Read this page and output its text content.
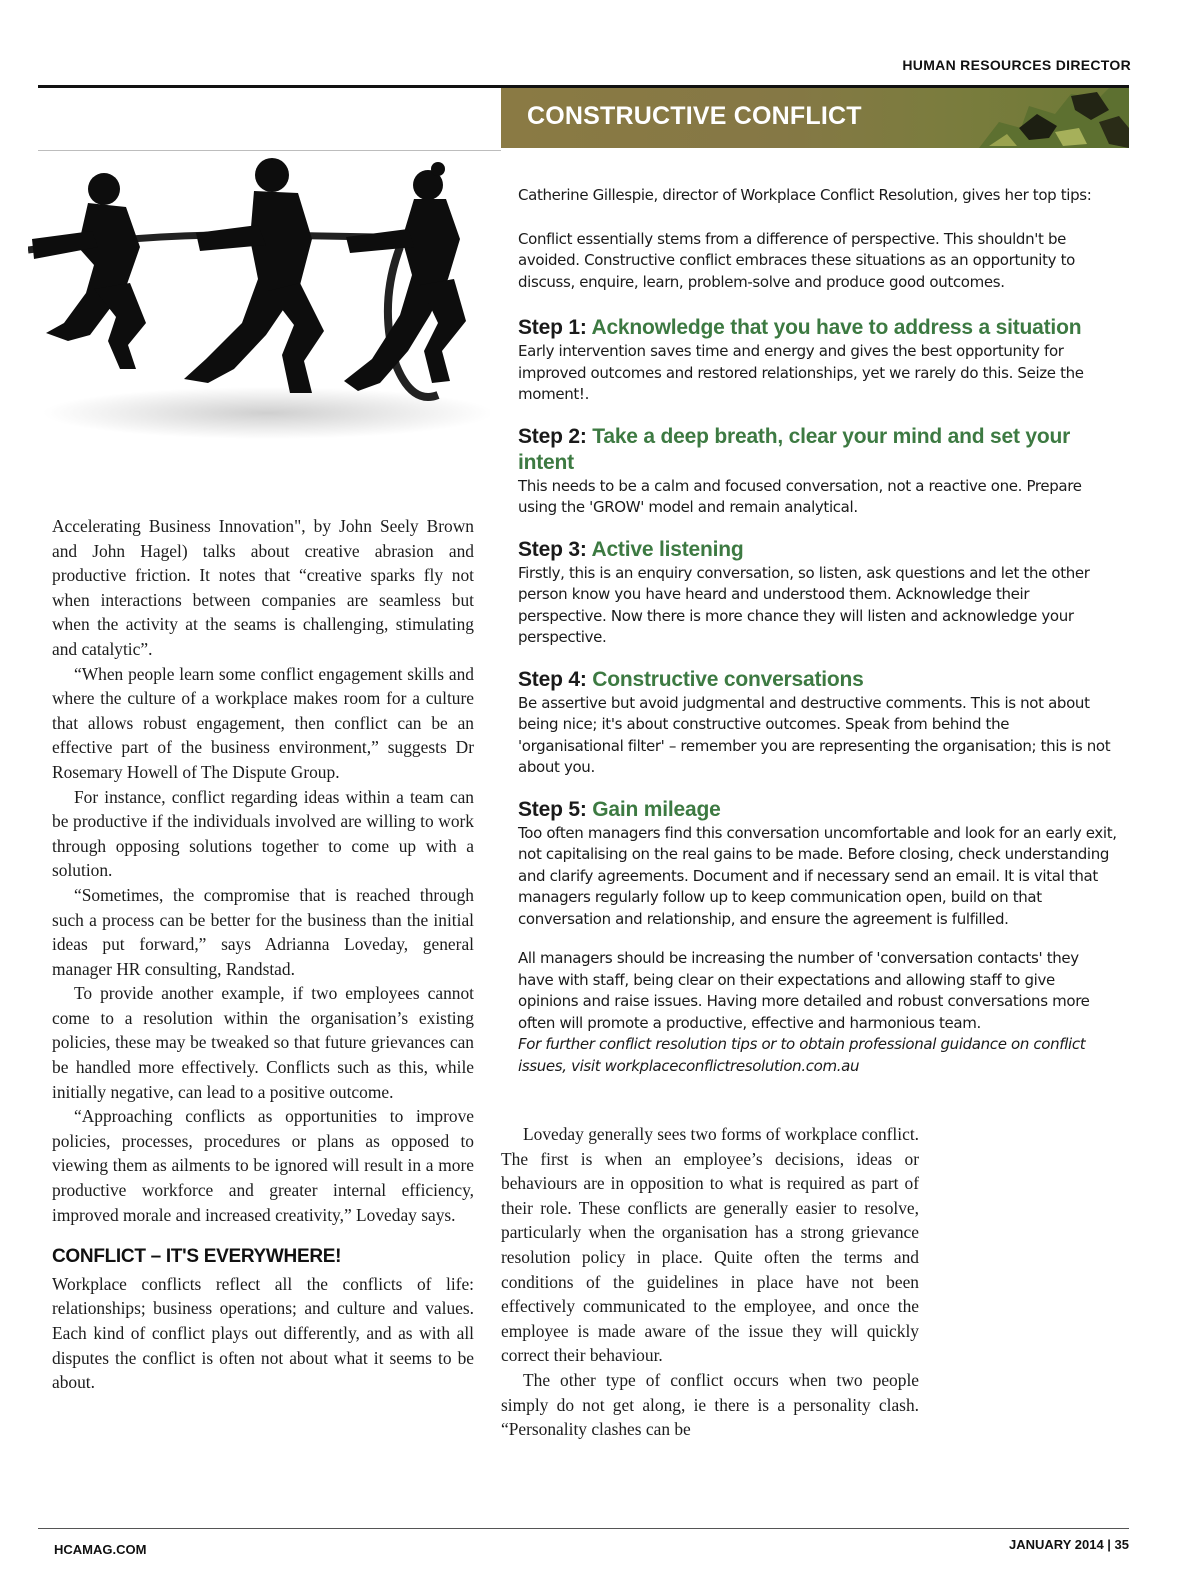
HUMAN RESOURCES DIRECTOR
CONSTRUCTIVE CONFLICT

Accelerating Business Innovation", by John Seely Brown and John Hagel) talks about creative abrasion and productive friction. It notes that “creative sparks fly not when interactions between companies are seamless but when the activity at the seams is challenging, stimulating and catalytic”.

“When people learn some conflict engagement skills and where the culture of a workplace makes room for a culture that allows robust engagement, then conflict can be an effective part of the business environment,” suggests Dr Rosemary Howell of The Dispute Group.

For instance, conflict regarding ideas within a team can be productive if the individuals involved are willing to work through opposing solutions together to come up with a solution.

“Sometimes, the compromise that is reached through such a process can be better for the business than the initial ideas put forward,” says Adrianna Loveday, general manager HR consulting, Randstad.

To provide another example, if two employees cannot come to a resolution within the organisation’s existing policies, these may be tweaked so that future grievances can be handled more effectively. Conflicts such as this, while initially negative, can lead to a positive outcome.

“Approaching conflicts as opportunities to improve policies, processes, procedures or plans as opposed to viewing them as ailments to be ignored will result in a more productive workforce and greater internal efficiency, improved morale and increased creativity,” Loveday says.

CONFLICT – IT'S EVERYWHERE!

Workplace conflicts reflect all the conflicts of life: relationships; business operations; and culture and values. Each kind of conflict plays out differently, and as with all disputes the conflict is often not about what it seems to be about.

Catherine Gillespie, director of Workplace Conflict Resolution, gives her top tips:

Conflict essentially stems from a difference of perspective. This shouldn't be avoided. Constructive conflict embraces these situations as an opportunity to discuss, enquire, learn, problem-solve and produce good outcomes.

Step 1: Acknowledge that you have to address a situation

Early intervention saves time and energy and gives the best opportunity for improved outcomes and restored relationships, yet we rarely do this. Seize the moment!.

Step 2: Take a deep breath, clear your mind and set your intent

This needs to be a calm and focused conversation, not a reactive one. Prepare using the 'GROW' model and remain analytical.

Step 3: Active listening

Firstly, this is an enquiry conversation, so listen, ask questions and let the other person know you have heard and understood them. Acknowledge their perspective. Now there is more chance they will listen and acknowledge your perspective.

Step 4: Constructive conversations

Be assertive but avoid judgmental and destructive comments. This is not about being nice; it's about constructive outcomes. Speak from behind the 'organisational filter' – remember you are representing the organisation; this is not about you.

Step 5: Gain mileage

Too often managers find this conversation uncomfortable and look for an early exit, not capitalising on the real gains to be made. Before closing, check understanding and clarify agreements. Document and if necessary send an email. It is vital that managers regularly follow up to keep communication open, build on that conversation and relationship, and ensure the agreement is fulfilled.

All managers should be increasing the number of 'conversation contacts' they have with staff, being clear on their expectations and allowing staff to give opinions and raise issues. Having more detailed and robust conversations more often will promote a productive, effective and harmonious team.

For further conflict resolution tips or to obtain professional guidance on conflict issues, visit workplaceconflictresolution.com.au

Loveday generally sees two forms of workplace conflict. The first is when an employee’s decisions, ideas or behaviours are in opposition to what is required as part of their role. These conflicts are generally easier to resolve, particularly when the organisation has a strong grievance resolution policy in place. Quite often the terms and conditions of the guidelines in place have not been effectively communicated to the employee, and once the employee is made aware of the issue they will quickly correct their behaviour.

The other type of conflict occurs when two people simply do not get along, ie there is a personality clash. “Personality clashes can be

HCAMAG.COM	JANUARY 2014 | 35
